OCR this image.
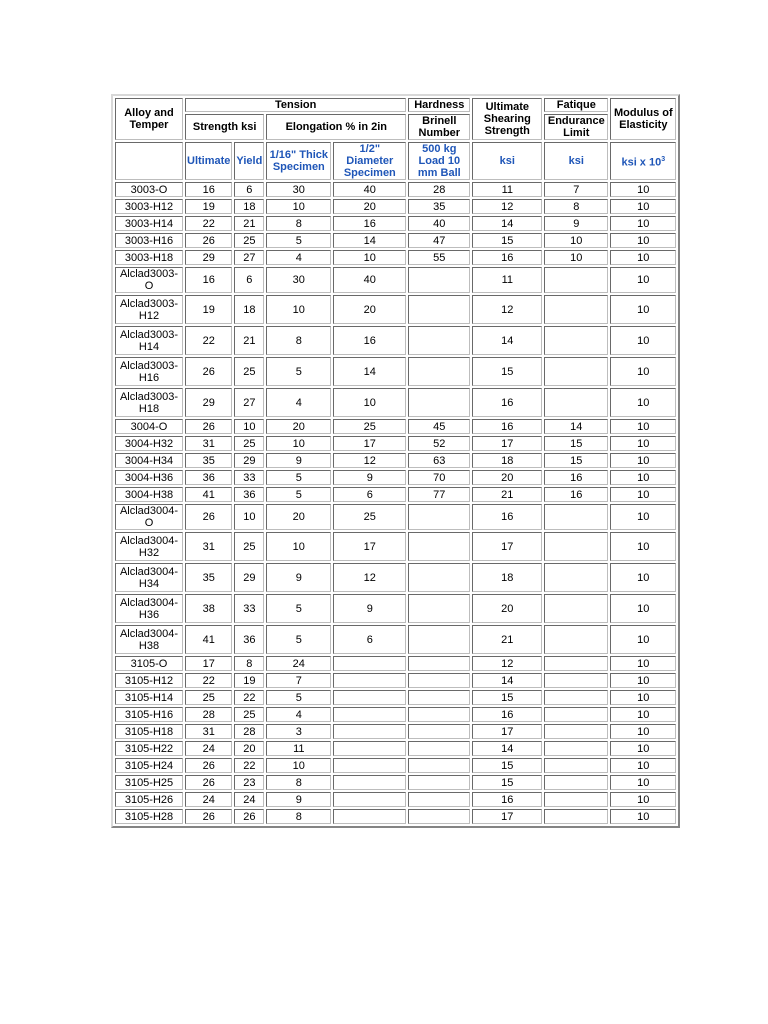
Alloy and Temper	Tension				Hardness	Ultimate Shearing Strength	Fatique	Modulus of Elasticity
	Strength ksi		Elongation % in 2in		Brinell Number		Endurance Limit	
	Ultimate	Yield	1/16" Thick Specimen	1/2" Diameter Specimen	500 kg Load 10 mm Ball	ksi	ksi	ksi x $10^3$
3003-O	16	6	30	40	28	11	7	10
3003-H12	19	18	10	20	35	12	8	10
3003-H14	22	21	8	16	40	14	9	10
3003-H16	26	25	5	14	47	15	10	10
3003-H18	29	27	4	10	55	16	10	10
Alclad3003-O	16	6	30	40		11		10
Alclad3003-H12	19	18	10	20		12		10
Alclad3003-H14	22	21	8	16		14		10
Alclad3003-H16	26	25	5	14		15		10
Alclad3003-H18	29	27	4	10		16		10
3004-O	26	10	20	25	45	16	14	10
3004-H32	31	25	10	17	52	17	15	10
3004-H34	35	29	9	12	63	18	15	10
3004-H36	36	33	5	9	70	20	16	10
3004-H38	41	36	5	6	77	21	16	10
Alclad3004-O	26	10	20	25		16		10
Alclad3004-H32	31	25	10	17		17		10
Alclad3004-H34	35	29	9	12		18		10
Alclad3004-H36	38	33	5	9		20		10
Alclad3004-H38	41	36	5	6		21		10
3105-O	17	8	24			12		10
3105-H12	22	19	7			14		10
3105-H14	25	22	5			15		10
3105-H16	28	25	4			16		10
3105-H18	31	28	3			17		10
3105-H22	24	20	11			14		10
3105-H24	26	22	10			15		10
3105-H25	26	23	8			15		10
3105-H26	24	24	9			16		10
3105-H28	26	26	8			17		10
